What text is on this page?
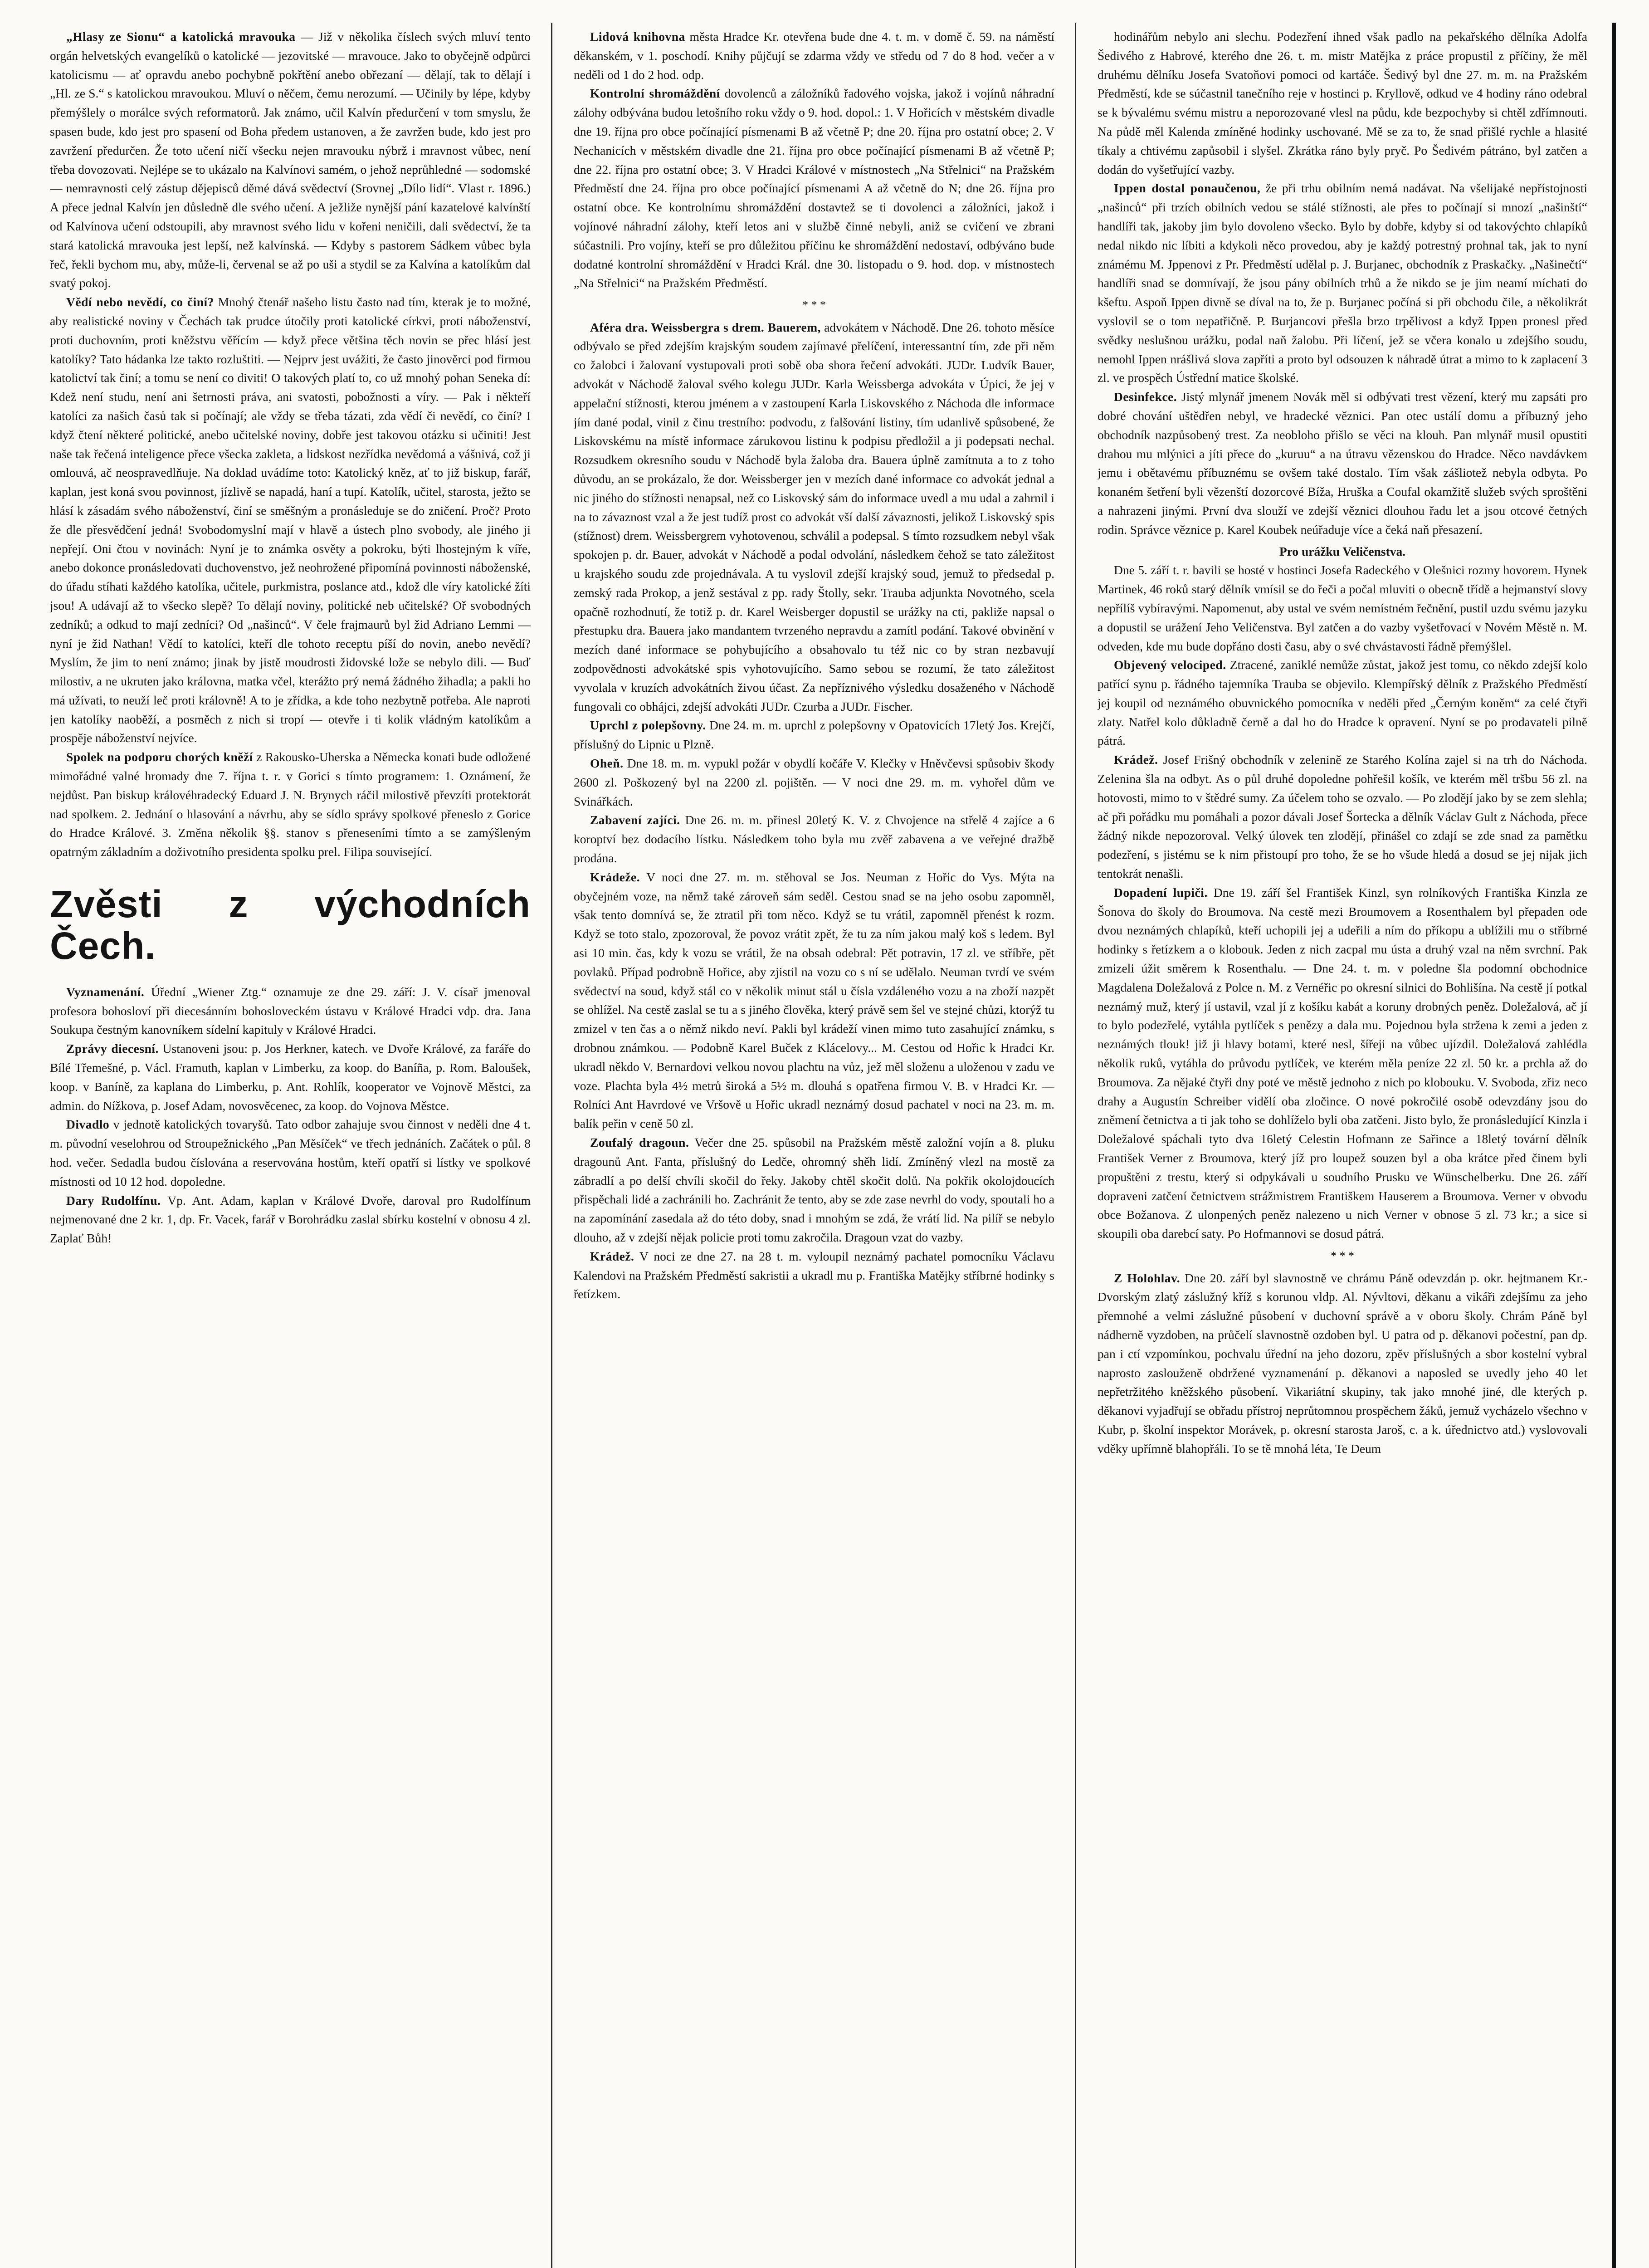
„Hlasy ze Sionu“ a katolická mravouka — Již v několika číslech svých mluví tento orgán helvetských evangelíků o katolické — jezovitské — mravouce. Jako to obyčejně odpůrci katolicismu — ať opravdu anebo pochybně pokřtění anebo obřezaní — dělají, tak to dělají i „Hl. ze S.“ s katolickou mravoukou. Mluví o něčem, čemu nerozumí. — Učinily by lépe, kdyby přemýšlely o morálce svých reformatorů. Jak známo, učil Kalvín předurčení v tom smyslu, že spasen bude, kdo jest pro spasení od Boha předem ustanoven, a že zavržen bude, kdo jest pro zavržení předurčen. Že toto učení ničí všecku nejen mravouku nýbrž i mravnost vůbec, není třeba dovozovati. Nejlépe se to ukázalo na Kalvínovi samém, o jehož neprůhledné — sodomské — nemravnosti celý zástup dějepisců děmé dává svědectví (Srovnej „Dílo lidí“. Vlast r. 1896.) A přece jednal Kalvín jen důsledně dle svého učení. A ježliže nynější pání kazatelové kalvínští od Kalvínova učení odstoupili, aby mravnost svého lidu v kořeni neničili, dali svědectví, že ta stará katolická mravouka jest lepší, než kalvínská. — Kdyby s pastorem Sádkem vůbec byla řeč, řekli bychom mu, aby, může-li, červenal se až po uši a stydil se za Kalvína a katolíkům dal svatý pokoj.

Vědí nebo nevědí, co činí? Mnohý čtenář našeho listu často nad tím, kterak je to možné, aby realistické noviny v Čechách tak prudce útočily proti katolické církvi, proti náboženství, proti duchovním, proti kněžstvu věřícím — když přece většina těch novin se přec hlásí jest katolíky? Tato hádanka lze takto rozluštiti. — Nejprv jest uvážiti, že často jinověrci pod firmou katolictví tak činí; a tomu se není co diviti! O takových platí to, co už mnohý pohan Seneka dí: Kdež není studu, není ani šetrnosti práva, ani svatosti, pobožnosti a víry. — Pak i někteří katolíci za našich časů tak si počínají; ale vždy se třeba tázati, zda vědí či nevědí, co činí? I když čtení některé politické, anebo učitelské noviny, dobře jest takovou otázku si učiniti! Jest naše tak řečená inteligence přece všecka zakleta, a lidskost nezřídka nevědomá a vášnivá, což ji omlouvá, ač neospravedlňuje. Na doklad uvádíme toto: Katolický kněz, ať to již biskup, farář, kaplan, jest koná svou povinnost, jízlivě se napadá, haní a tupí. Katolík, učitel, starosta, ježto se hlásí k zásadám svého náboženství, činí se směšným a pronásleduje se do zničení. Proč? Proto že dle přesvědčení jedná! Svobodomyslní mají v hlavě a ústech plno svobody, ale jiného ji nepřejí. Oni čtou v novinách: Nyní je to známka osvěty a pokroku, býti lhostejným k víře, anebo dokonce pronásledovati duchovenstvo, jež neohrožené připomíná povinnosti náboženské, do úřadu stíhati každého katolíka, učitele, purkmistra, poslance atd., kdož dle víry katolické žíti jsou! A udávají až to všecko slepě? To dělají noviny, politické neb učitelské? Oř svobodných zedníků; a odkud to mají zedníci? Od „našinců“. V čele frajmaurů byl žid Adriano Lemmi — nyní je žid Nathan! Vědí to katolíci, kteří dle tohoto receptu píší do novin, anebo nevědí? Myslím, že jim to není známo; jinak by jistě moudrosti židovské lože se nebylo dili. — Buď milostiv, a ne ukruten jako královna, matka včel, kterážto prý nemá žádného žihadla; a pakli ho má užívati, to neuží leč proti královně! A to je zřídka, a kde toho nezbytně potřeba. Ale naproti jen katolíky naoběží, a posměch z nich si tropí — otevře i ti kolik vládným katolíkům a prospěje náboženství nejvíce.

Spolek na podporu chorých kněží z Rakousko-Uherska a Německa konati bude odložené mimořádné valné hromady dne 7. října t. r. v Gorici s tímto programem: 1. Oznámení, že nejdůst. Pan biskup královéhradecký Eduard J. N. Brynych ráčil milostivě převzíti protektorát nad spolkem. 2. Jednání o hlasování a návrhu, aby se sídlo správy spolkové přeneslo z Gorice do Hradce Králové. 3. Změna několik §§. stanov s přeneseními tímto a se zamýšleným opatrným základním a doživotního presidenta spolku prel. Filipa související.

Zvěsti z východních Čech.

Vyznamenání. Úřední „Wiener Ztg.“ oznamuje ze dne 29. září: J. V. císař jmenoval profesora bohosloví při diecesánním bohosloveckém ústavu v Králové Hradci vdp. dra. Jana Soukupa čestným kanovníkem sídelní kapituly v Králové Hradci.

Zprávy diecesní. Ustanoveni jsou: p. Jos Herkner, katech. ve Dvoře Králové, za faráře do Bílé Třemešné, p. Václ. Framuth, kaplan v Limberku, za koop. do Baníña, p. Rom. Baloušek, koop. v Baníně, za kaplana do Limberku, p. Ant. Rohlík, kooperator ve Vojnově Městci, za admin. do Nížkova, p. Josef Adam, novosvěcenec, za koop. do Vojnova Městce.

Divadlo v jednotě katolických tovaryšů. Tato odbor zahajuje svou činnost v neděli dne 4 t. m. původní veselohrou od Stroupežnického „Pan Měsíček“ ve třech jednáních. Začátek o půl. 8 hod. večer. Sedadla budou číslována a reservována hostům, kteří opatří si lístky ve spolkové místnosti od 10 12 hod. dopoledne.

Dary Rudolfínu. Vp. Ant. Adam, kaplan v Králové Dvoře, daroval pro Rudolfínum nejmenované dne 2 kr. 1, dp. Fr. Vacek, farář v Borohrádku zaslal sbírku kostelní v obnosu 4 zl. Zaplať Bůh!

Lidová knihovna města Hradce Kr. otevřena bude dne 4. t. m. v domě č. 59. na náměstí děkanském, v 1. poschodí. Knihy půjčují se zdarma vždy ve středu od 7 do 8 hod. večer a v neděli od 1 do 2 hod. odp.

Kontrolní shromáždění dovolenců a záložníků řadového vojska, jakož i vojínů náhradní zálohy odbývána budou letošního roku vždy o 9. hod. dopol.: 1. V Hořicích v městském divadle dne 19. října pro obce počínající písmenami B až včetně P; dne 20. října pro ostatní obce; 2. V Nechanicích v městském divadle dne 21. října pro obce počínající písmenami B až včetně P; dne 22. října pro ostatní obce; 3. V Hradci Králové v místnostech „Na Střelnici“ na Pražském Předměstí dne 24. října pro obce počínající písmenami A až včetně do N; dne 26. října pro ostatní obce. Ke kontrolnímu shromáždění dostavtež se ti dovolenci a záložníci, jakož i vojínové náhradní zálohy, kteří letos ani v službě činné nebyli, aniž se cvičení ve zbrani súčastnili. Pro vojíny, kteří se pro důležitou příčinu ke shromáždění nedostaví, odbýváno bude dodatné kontrolní shromáždění v Hradci Král. dne 30. listopadu o 9. hod. dop. v místnostech „Na Střelnici“ na Pražském Předměstí.

* * *

Aféra dra. Weissbergra s drem. Bauerem, advokátem v Náchodě. Dne 26. tohoto měsíce odbývalo se před zdejším krajským soudem zajímavé přelíčení, interessantní tím, zde při něm co žalobci i žalovaní vystupovali proti sobě oba shora řečení advokáti. JUDr. Ludvík Bauer, advokát v Náchodě žaloval svého kolegu JUDr. Karla Weissberga advokáta v Úpici, že jej v appelační stížnosti, kterou jménem a v zastoupení Karla Liskovského z Náchoda dle informace jím dané podal, vinil z činu trestního: podvodu, z falšování listiny, tím udanlivě spůsobené, že Liskovskému na místě informace zárukovou listinu k podpisu předložil a ji podepsati nechal. Rozsudkem okresního soudu v Náchodě byla žaloba dra. Bauera úplně zamítnuta a to z toho důvodu, an se prokázalo, že dor. Weissberger jen v mezích dané informace co advokát jednal a nic jiného do stížnosti nenapsal, než co Liskovský sám do informace uvedl a mu udal a zahrnil i na to závaznost vzal a že jest tudíž prost co advokát vší další závaznosti, jelikož Liskovský spis (stížnost) drem. Weissbergrem vyhotovenou, schválil a podepsal. S tímto rozsudkem nebyl však spokojen p. dr. Bauer, advokát v Náchodě a podal odvolání, následkem čehož se tato záležitost u krajského soudu zde projednávala. A tu vyslovil zdejší krajský soud, jemuž to předsedal p. zemský rada Prokop, a jenž sestával z pp. rady Štolly, sekr. Trauba adjunkta Novotného, scela opačně rozhodnutí, že totiž p. dr. Karel Weisberger dopustil se urážky na cti, pakliže napsal o přestupku dra. Bauera jako mandantem tvrzeného nepravdu a zamítl podání. Takové obvinění v mezích dané informace se pohybujícího a obsahovalo tu též nic co by stran nezbavují zodpovědnosti advokátské spis vyhotovujícího. Samo sebou se rozumí, že tato záležitost vyvolala v kruzích advokátních živou účast. Za nepříznivého výsledku dosaženého v Náchodě fungovali co obhájci, zdejší advokáti JUDr. Czurba a JUDr. Fischer.

Uprchl z polepšovny. Dne 24. m. m. uprchl z polepšovny v Opatovicích 17letý Jos. Krejčí, příslušný do Lipnic u Plzně.

Oheň. Dne 18. m. m. vypukl požár v obydlí kočáře V. Klečky v Hněvčevsi spůsobiv škody 2600 zl. Poškozený byl na 2200 zl. pojištěn. — V noci dne 29. m. m. vyhořel dům ve Svinářkách.

Zabavení zajíci. Dne 26. m. m. přinesl 20letý K. V. z Chvojence na střelě 4 zajíce a 6 koroptví bez dodacího lístku. Následkem toho byla mu zvěř zabavena a ve veřejné dražbě prodána.

Krádeže. V noci dne 27. m. m. stěhoval se Jos. Neuman z Hořic do Vys. Mýta na obyčejném voze, na němž také zároveň sám seděl. Cestou snad se na jeho osobu zapomněl, však tento domnívá se, že ztratil při tom něco. Když se tu vrátil, zapomněl přenést k rozm. Když se toto stalo, zpozoroval, že povoz vrátit zpět, že tu za ním jakou malý koš s ledem. Byl asi 10 min. čas, kdy k vozu se vrátil, že na obsah odebral: Pět potravin, 17 zl. ve stříbře, pět povlaků. Případ podrobně Hořice, aby zjistil na vozu co s ní se udělalo. Neuman tvrdí ve svém svědectví na soud, když stál co v několik minut stál u čísla vzdáleného vozu a na zboží nazpět se ohlížel. Na cestě zaslal se tu a s jiného člověka, který právě sem šel ve stejné chůzi, ktorýž tu zmizel v ten čas a o němž nikdo neví. Pakli byl krádeží vinen mimo tuto zasahující známku, s drobnou známkou. — Podobně Karel Buček z Klácelovy... M. Cestou od Hořic k Hradci Kr. ukradl někdo V. Bernardovi velkou novou plachtu na vůz, jež měl složenu a uloženou v zadu ve voze. Plachta byla 4½ metrů široká a 5½ m. dlouhá s opatřena firmou V. B. v Hradci Kr. — Rolníci Ant Havrdové ve Vršově u Hořic ukradl neznámý dosud pachatel v noci na 23. m. m. balík peřin v ceně 50 zl.

Zoufalý dragoun. Večer dne 25. spůsobil na Pražském městě založní vojín a 8. pluku dragounů Ant. Fanta, příslušný do Ledče, ohromný shěh lidí. Zmíněný vlezl na mostě za zábradlí a po delší chvíli skočil do řeky. Jakoby chtěl skočit dolů. Na pokřik okolojdoucích přispěchali lidé a zachránili ho. Zachránit že tento, aby se zde zase nevrhl do vody, spoutali ho a na zapomínání zasedala až do této doby, snad i mnohým se zdá, že vrátí lid. Na pilíř se nebylo dlouho, až v zdejší nějak policie proti tomu zakročila. Dragoun vzat do vazby.

Krádež. V noci ze dne 27. na 28 t. m. vyloupil neznámý pachatel pomocníku Václavu Kalendovi na Pražském Předměstí sakristii a ukradl mu p. Františka Matějky stříbrné hodinky s řetízkem.

hodinářům nebylo ani slechu. Podezření ihned však padlo na pekařského dělníka Adolfa Šedivého z Habrové, kterého dne 26. t. m. mistr Matějka z práce propustil z příčiny, že měl druhému dělníku Josefa Svatoňovi pomoci od kartáče. Šedivý byl dne 27. m. m. na Pražském Předměstí, kde se súčastnil tanečního reje v hostinci p. Kryllově, odkud ve 4 hodiny ráno odebral se k bývalému svému mistru a neporozované vlesl na půdu, kde bezpochyby si chtěl zdřímnouti. Na půdě měl Kalenda zmíněné hodinky uschované. Mě se za to, že snad přišlé rychle a hlasité tíkaly a chtivému zapůsobil i slyšel. Zkrátka ráno byly pryč. Po Šedivém pátráno, byl zatčen a dodán do vyšetřující vazby.

Ippen dostal ponaučenou, že při trhu obilním nemá nadávat. Na všelijaké nepřístojnosti „našinců“ při trzích obilních vedou se stálé stížnosti, ale přes to počínají si mnozí „našinští“ handlíři tak, jakoby jim bylo dovoleno všecko. Bylo by dobře, kdyby si od takovýchto chlapíků nedal nikdo nic líbiti a kdykoli něco provedou, aby je každý potrestný prohnal tak, jak to nyní známému M. Jppenovi z Pr. Předměstí udělal p. J. Burjanec, obchodník z Praskačky. „Našinečtí“ handlíři snad se domnívají, že jsou pány obilních trhů a že nikdo se je jim neamí míchati do kšeftu. Aspoň Ippen divně se díval na to, že p. Burjanec počíná si při obchodu čile, a několikrát vyslovil se o tom nepatřičně. P. Burjancovi přešla brzo trpělivost a když Ippen pronesl před svědky neslušnou urážku, podal naň žalobu. Při líčení, jež se včera konalo u zdejšího soudu, nemohl Ippen nrášlivá slova zapříti a proto byl odsouzen k náhradě útrat a mimo to k zaplacení 3 zl. ve prospěch Ústřední matice školské.

Desinfekce. Jistý mlynář jmenem Novák měl si odbývati trest vězení, který mu zapsáti pro dobré chování uštědřen nebyl, ve hradecké věznici. Pan otec ustálí domu a příbuzný jeho obchodník nazpůsobený trest. Za neobloho přišlo se věci na klouh. Pan mlynář musil opustiti drahou mu mlýnici a jíti přece do „kuruu“ a na útravu vězenskou do Hradce. Něco navdávkem jemu i obětavému příbuznému se ovšem také dostalo. Tím však zášliotež nebyla odbyta. Po konaném šetření byli vězenští dozorcové Bíža, Hruška a Coufal okamžitě služeb svých sproštěni a nahrazeni jinými. První dva slouží ve zdejší věznici dlouhou řadu let a jsou otcové četných rodin. Správce věznice p. Karel Koubek neúřaduje více a čeká naň přesazení.

Pro urážku Veličenstva.

Dne 5. září t. r. bavili se hosté v hostinci Josefa Radeckého v Olešnici rozmy hovorem. Hynek Martinek, 46 roků starý dělník vmísil se do řeči a počal mluviti o obecně třídě a hejmanství slovy nepřílíš vybíravými. Napomenut, aby ustal ve svém nemístném řečnění, pustil uzdu svému jazyku a dopustil se urážení Jeho Veličenstva. Byl zatčen a do vazby vyšetřovací v Novém Městě n. M. odveden, kde mu bude dopřáno dosti času, aby o své chvástavosti řádně přemýšlel.

Objevený velociped. Ztracené, zaniklé nemůže zůstat, jakož jest tomu, co někdo zdejší kolo patřící synu p. řádného tajemníka Trauba se objevilo. Klempířský dělník z Pražského Předměstí jej koupil od neznámého obuvnického pomocníka v neděli před „Černým koněm“ za celé čtyři zlaty. Natřel kolo důkladně černě a dal ho do Hradce k opravení. Nyní se po prodavateli pilně pátrá.

Krádež. Josef Frišný obchodník v zelenině ze Starého Kolína zajel si na trh do Náchoda. Zelenina šla na odbyt. As o půl druhé dopoledne pohřešil košík, ve kterém měl tršbu 56 zl. na hotovosti, mimo to v štědré sumy. Za účelem toho se ozvalo. — Po zlodějí jako by se zem slehla; ač při pořádku mu pomáhali a pozor dávali Josef Šorteckа a dělník Václav Gult z Náchoda, přece žádný nikde nepozoroval. Velký úlovek ten zlodějí, přinášel co zdají se zde snad za pamětku podezření, s jistému se k nim přistoupí pro toho, že se ho všude hledá a dosud se jej nijak jich tentokrát nenašli.

Dopadení lupiči. Dne 19. září šel František Kinzl, syn rolníkových Františka Kinzla ze Šonova do školy do Broumova. Na cestě mezi Broumovem a Rosenthalem byl přepaden ode dvou neznámých chlapíků, kteří uchopili jej a udeřili a ním do příkopu a ublížili mu o stříbrné hodinky s řetízkem a o klobouk. Jeden z nich zacpal mu ústa a druhý vzal na něm svrchní. Pak zmizeli úžit směrem k Rosenthalu. — Dne 24. t. m. v poledne šla podomní obchodnice Magdalena Doležalová z Polce n. M. z Vernéřic po okresní silnici do Bohlišína. Na cestě jí potkal neznámý muž, který jí ustavil, vzal jí z košíku kabát a koruny drobných peněz. Doležalová, ač jí to bylo podezřelé, vytáhla pytlíček s penězy a dala mu. Pojednou byla stržena k zemi a jeden z neznámých tlouk! již ji hlavy botami, které nesl, šířeji na vůbec ujízdil. Doležalová zahlédla několik ruků, vytáhla do průvodu pytlíček, ve kterém měla peníze 22 zl. 50 kr. a prchla až do Broumova. Za nějaké čtyři dny poté ve městě jednoho z nich po klobouku. V. Svoboda, zřiz neco drahy a Augustín Schreiber vidělí oba zločince. O nové pokročilé osobě odevzdány jsou do zněmení četnictva a ti jak toho se dohlíželo byli oba zatčeni. Jisto bylo, že pronásledující Kinzla i Doležalové spáchali tyto dva 16letý Celestin Hofmann ze Sařince a 18letý tovární dělník František Verner z Broumova, který jíž pro loupež souzen byl a oba krátce před činem byli propuštěni z trestu, který si odpykávali u soudního Prusku ve Wünschelberku. Dne 26. září dopraveni zatčení četnictvem strážmistrem Františkem Hauserem a Broumova. Verner v obvodu obce Božanova. Z ulonpených peněz nalezeno u nich Verner v obnose 5 zl. 73 kr.; a sice si skoupili oba darebcí saty. Po Hofmannovi se dosud pátrá.

* * *

Z Holohlav. Dne 20. září byl slavnostně ve chrámu Páně odevzdán p. okr. hejtmanem Kr.-Dvorským zlatý záslužný kříž s korunou vldp. Al. Nývltovi, děkanu a vikáři zdejšímu za jeho přemnohé a velmi záslužné působení v duchovní správě a v oboru školy. Chrám Páně byl nádherně vyzdoben, na průčelí slavnostně ozdoben byl. U patra od p. děkanovi počestní, pan dp. pan i ctí vzpomínkou, pochvalu úřední na jeho dozoru, zpěv příslušných a sbor kostelní vybral naprosto zaslouženě obdržené vyznamenání p. děkanovi a naposled se uvedly jeho 40 let nepřetržitého kněžského působení. Vikariátní skupiny, tak jako mnohé jiné, dle kterých p. děkanovi vyjadřují se obřadu přístroj neprůtomnou prospěchem žáků, jemuž vycházelo všechno v Kubr, p. školní inspektor Morávek, p. okresní starosta Jaroš, c. a k. úřednictvo atd.) vyslovovali vděky upřímně blahopřáli. To se tě mnohá léta, Te Deum
